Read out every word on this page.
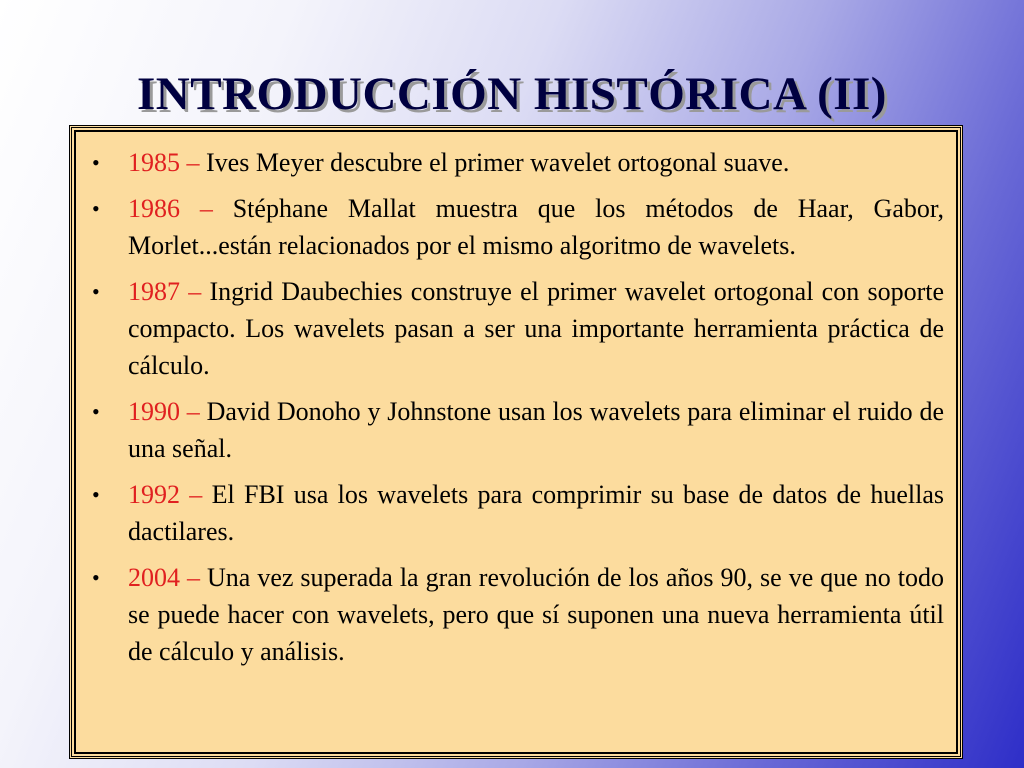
INTRODUCCIÓN HISTÓRICA (II)
• 1985 – Ives Meyer descubre el primer wavelet ortogonal suave.
• 1986 – Stéphane Mallat muestra que los métodos de Haar, Gabor, Morlet...están relacionados por el mismo algoritmo de wavelets.
• 1987 – Ingrid Daubechies construye el primer wavelet ortogonal con soporte compacto. Los wavelets pasan a ser una importante herramienta práctica de cálculo.
• 1990 – David Donoho y Johnstone usan los wavelets para eliminar el ruido de una señal.
• 1992 – El FBI usa los wavelets para comprimir su base de datos de huellas dactilares.
• 2004 – Una vez superada la gran revolución de los años 90, se ve que no todo se puede hacer con wavelets, pero que sí suponen una nueva herramienta útil de cálculo y análisis.
